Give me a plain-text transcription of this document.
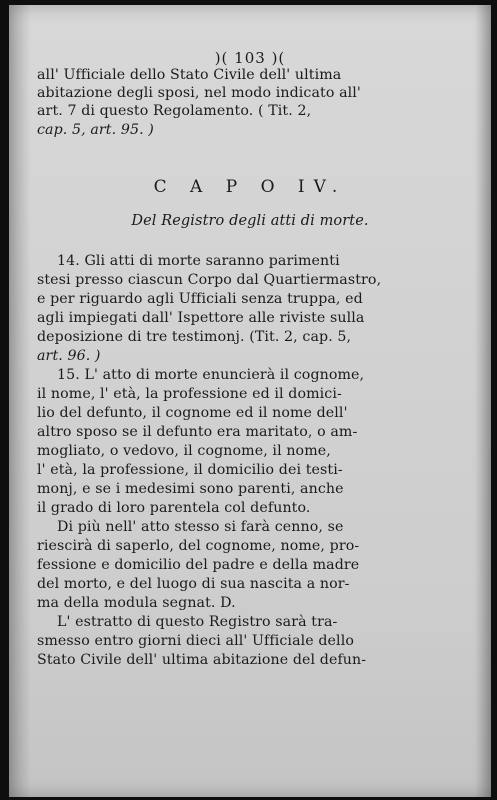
)( 103 )(
all' Ufficiale dello Stato Civile dell' ultima
abitazione degli sposi, nel modo indicato all'
art. 7 di questo Regolamento. ( Tit. 2,
cap. 5, art. 95. )
C A P O IV.
Del Registro degli atti di morte.
14. Gli atti di morte saranno parimenti
stesi presso ciascun Corpo dal Quartiermastro,
e per riguardo agli Ufficiali senza truppa, ed
agli impiegati dall' Ispettore alle riviste sulla
deposizione di tre testimonj. (Tit. 2, cap. 5,
art. 96. )
15. L' atto di morte enuncierà il cognome,
il nome, l' età, la professione ed il domici-
lio del defunto, il cognome ed il nome dell'
altro sposo se il defunto era maritato, o am-
mogliato, o vedovo, il cognome, il nome,
l' età, la professione, il domicilio dei testi-
monj, e se i medesimi sono parenti, anche
il grado di loro parentela col defunto.
Di più nell' atto stesso si farà cenno, se
riescirà di saperlo, del cognome, nome, pro-
fessione e domicilio del padre e della madre
del morto, e del luogo di sua nascita a nor-
ma della modula segnat. D.
L' estratto di questo Registro sarà tra-
smesso entro giorni dieci all' Ufficiale dello
Stato Civile dell' ultima abitazione del defun-
